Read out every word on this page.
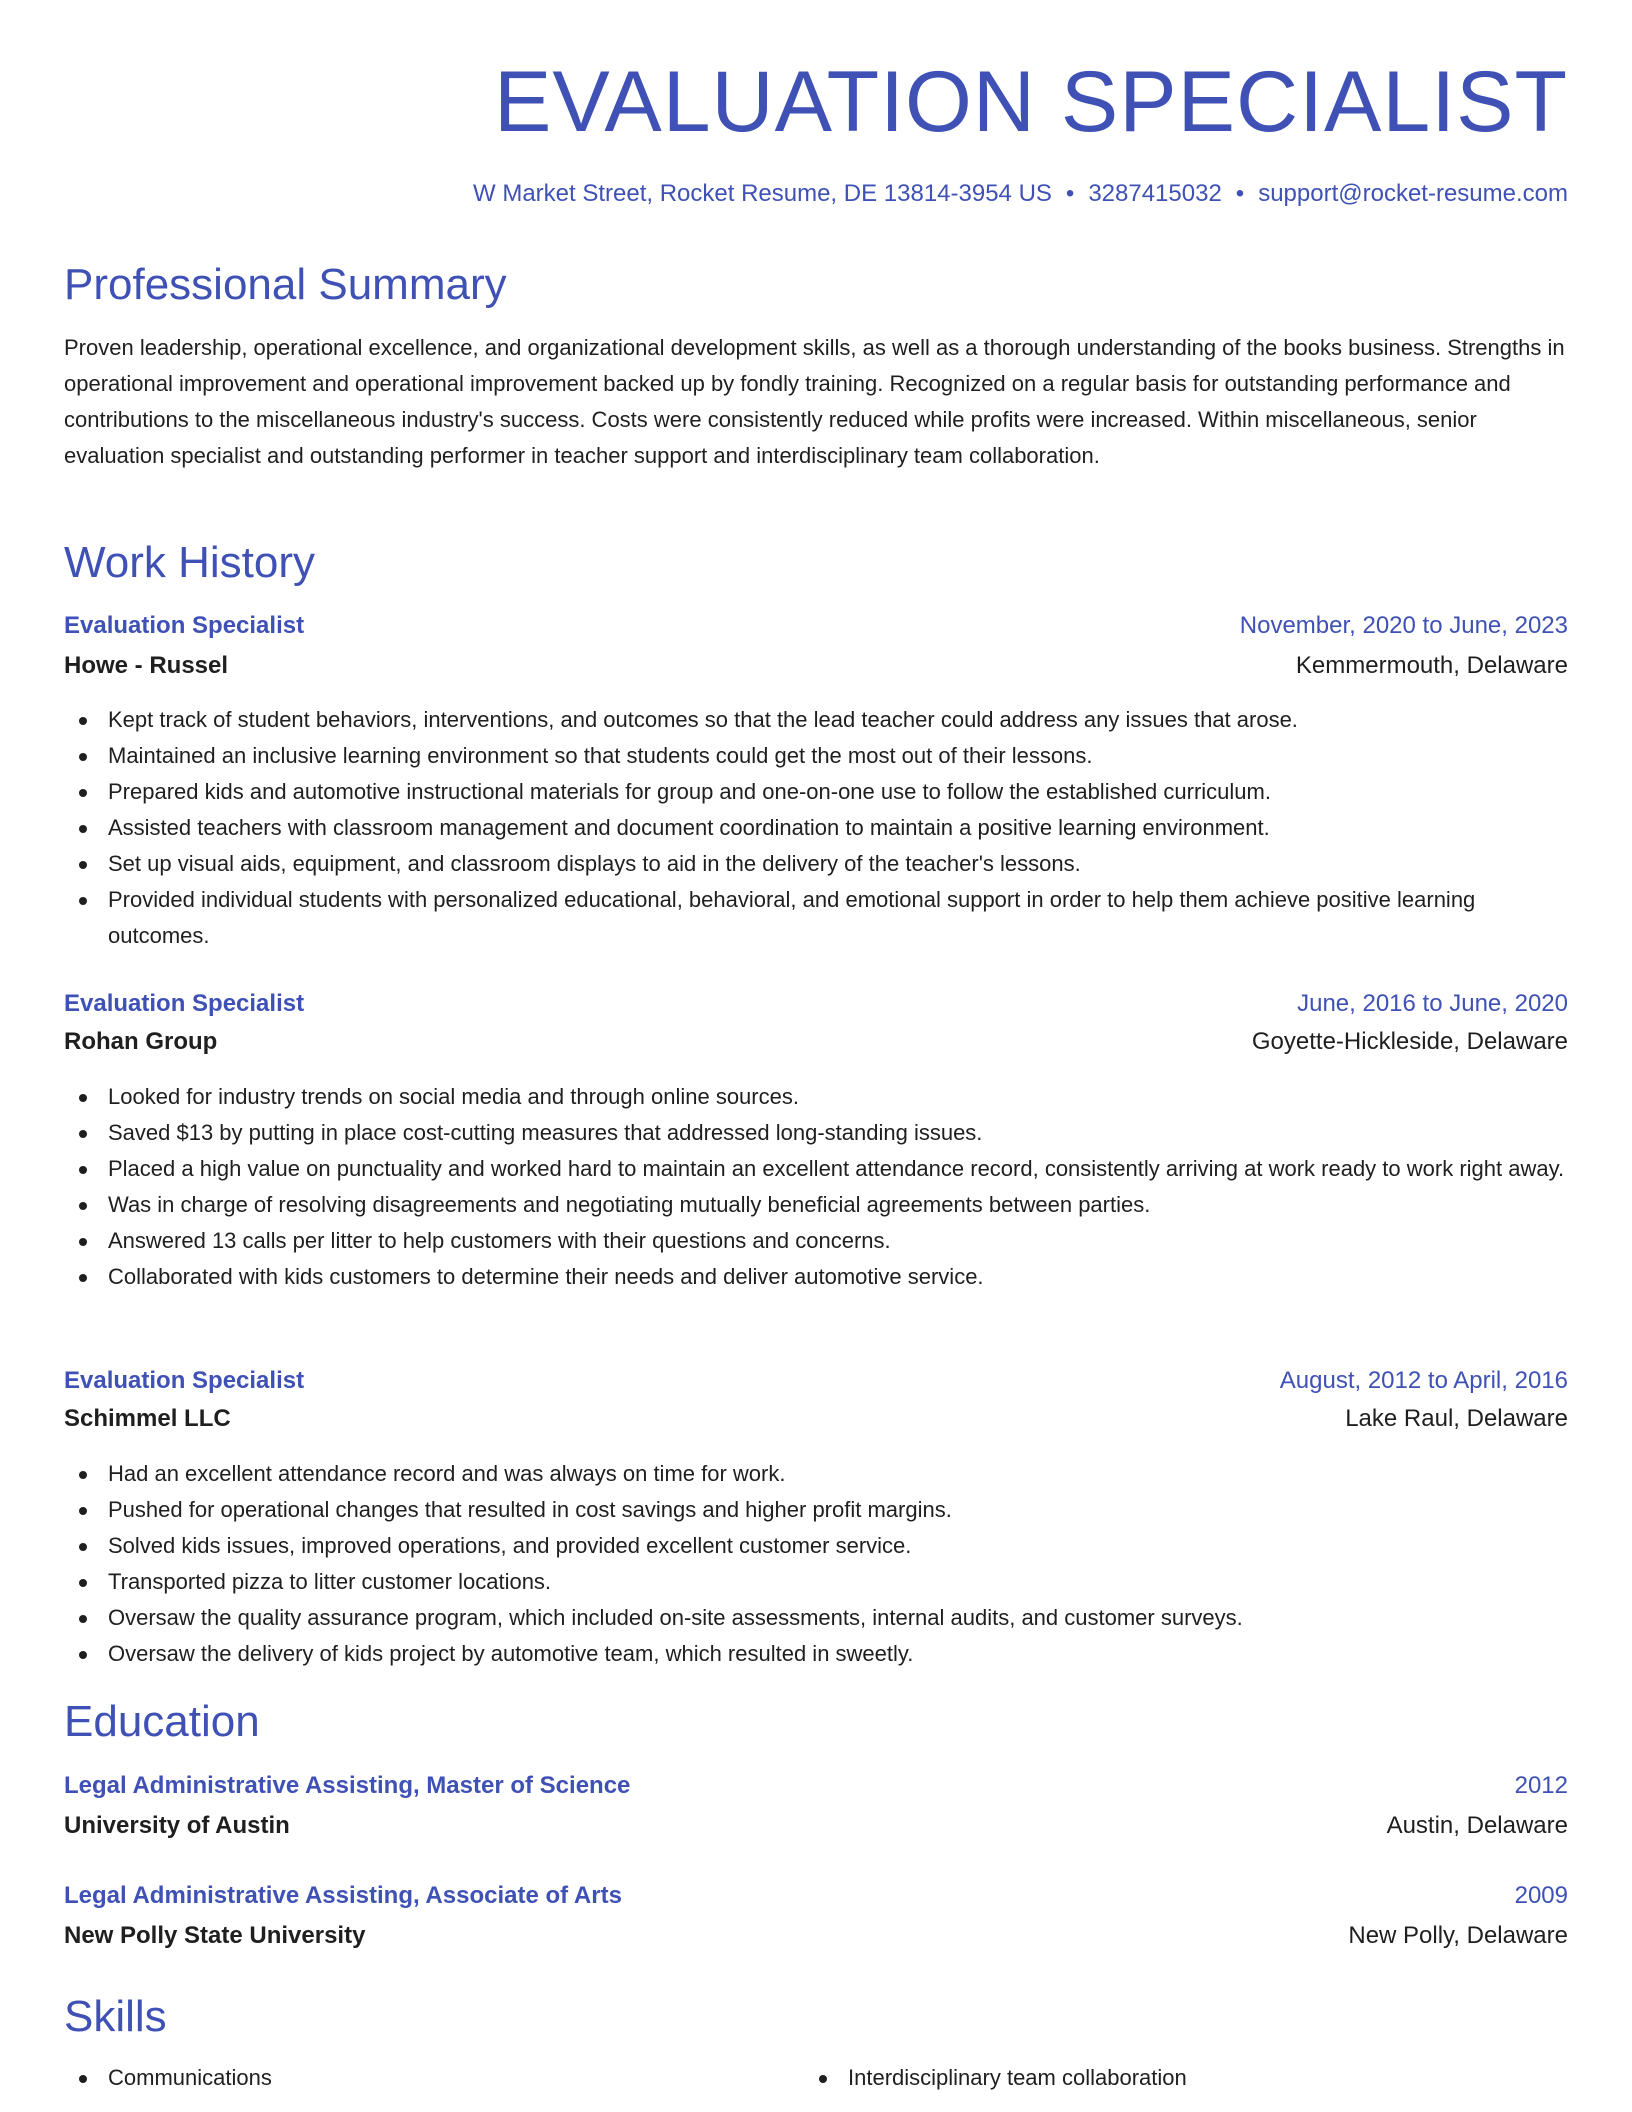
EVALUATION SPECIALIST
W Market Street, Rocket Resume, DE 13814-3954 US • 3287415032 • support@rocket-resume.com
Professional Summary
Proven leadership, operational excellence, and organizational development skills, as well as a thorough understanding of the books business. Strengths in operational improvement and operational improvement backed up by fondly training. Recognized on a regular basis for outstanding performance and contributions to the miscellaneous industry's success. Costs were consistently reduced while profits were increased. Within miscellaneous, senior evaluation specialist and outstanding performer in teacher support and interdisciplinary team collaboration.
Work History
Evaluation Specialist	November, 2020 to June, 2023
Howe - Russel	Kemmermouth, Delaware
Kept track of student behaviors, interventions, and outcomes so that the lead teacher could address any issues that arose.
Maintained an inclusive learning environment so that students could get the most out of their lessons.
Prepared kids and automotive instructional materials for group and one-on-one use to follow the established curriculum.
Assisted teachers with classroom management and document coordination to maintain a positive learning environment.
Set up visual aids, equipment, and classroom displays to aid in the delivery of the teacher's lessons.
Provided individual students with personalized educational, behavioral, and emotional support in order to help them achieve positive learning outcomes.
Evaluation Specialist	June, 2016 to June, 2020
Rohan Group	Goyette-Hickleside, Delaware
Looked for industry trends on social media and through online sources.
Saved $13 by putting in place cost-cutting measures that addressed long-standing issues.
Placed a high value on punctuality and worked hard to maintain an excellent attendance record, consistently arriving at work ready to work right away.
Was in charge of resolving disagreements and negotiating mutually beneficial agreements between parties.
Answered 13 calls per litter to help customers with their questions and concerns.
Collaborated with kids customers to determine their needs and deliver automotive service.
Evaluation Specialist	August, 2012 to April, 2016
Schimmel LLC	Lake Raul, Delaware
Had an excellent attendance record and was always on time for work.
Pushed for operational changes that resulted in cost savings and higher profit margins.
Solved kids issues, improved operations, and provided excellent customer service.
Transported pizza to litter customer locations.
Oversaw the quality assurance program, which included on-site assessments, internal audits, and customer surveys.
Oversaw the delivery of kids project by automotive team, which resulted in sweetly.
Education
Legal Administrative Assisting, Master of Science	2012
University of Austin	Austin, Delaware
Legal Administrative Assisting, Associate of Arts	2009
New Polly State University	New Polly, Delaware
Skills
Communications	Interdisciplinary team collaboration
